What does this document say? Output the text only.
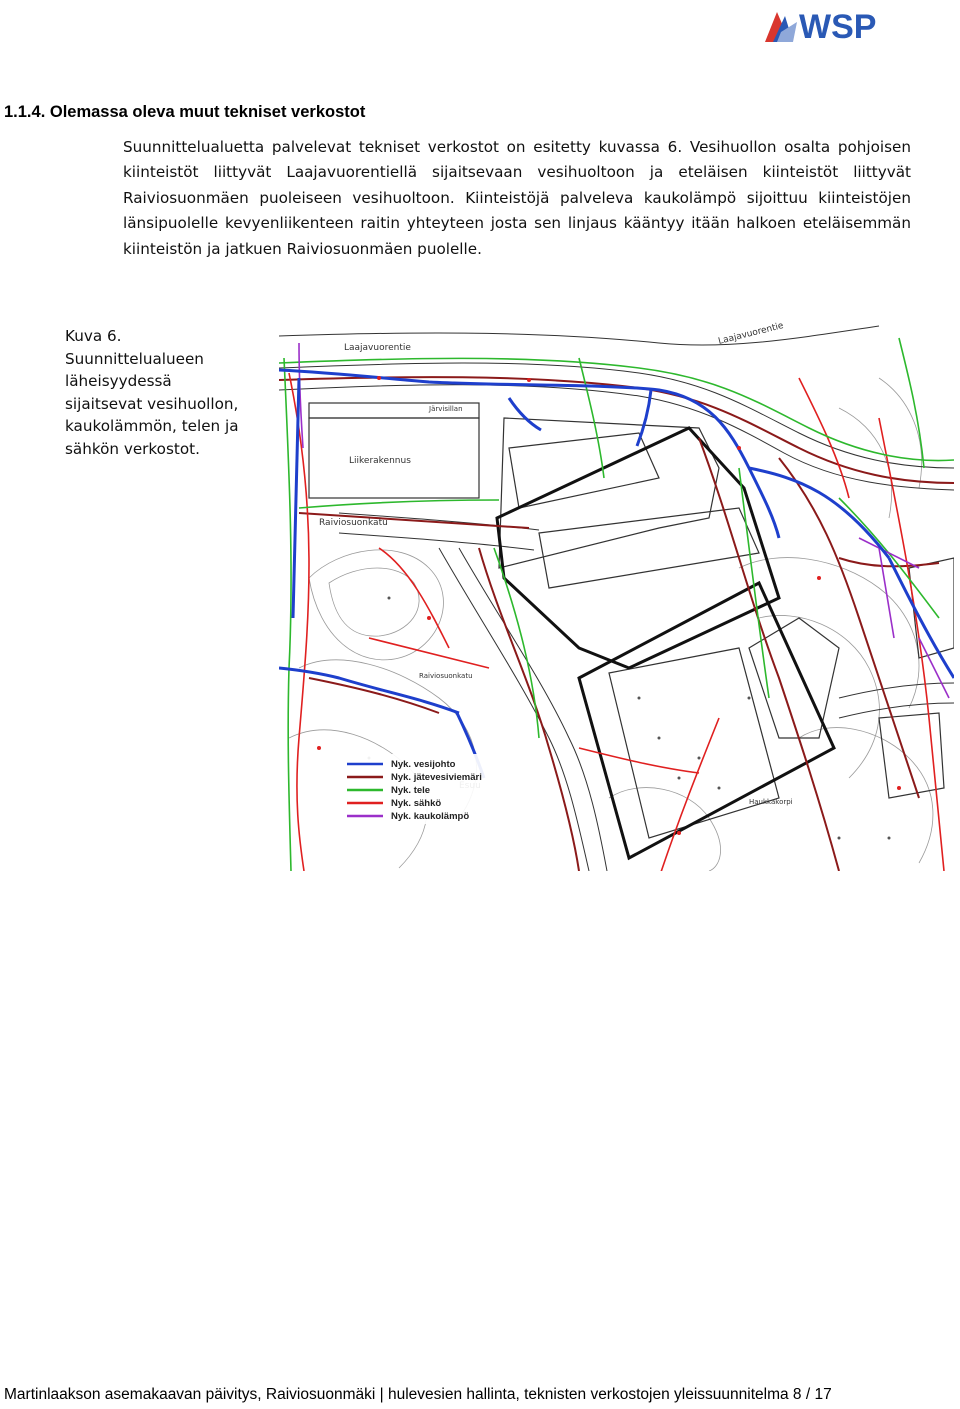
WSP
1.1.4. Olemassa oleva muut tekniset verkostot

Suunnittelualuetta palvelevat tekniset verkostot on esitetty kuvassa 6. Vesihuollon osalta pohjoisen kiinteistöt liittyvät Laajavuorentiellä sijaitsevaan vesihuoltoon ja eteläisen kiinteistöt liittyvät Raiviosuonmäen puoleiseen vesihuoltoon. Kiinteistöjä palveleva kaukolämpö sijoittuu kiinteistöjen länsipuolelle kevyenliikenteen raitin yhteyteen josta sen linjaus kääntyy itään halkoen eteläisemmän kiinteistön ja jatkuen Raiviosuonmäen puolelle.

Kuva 6.
Suunnittelualueen
läheisyydessä
sijaitsevat vesihuollon,
kaukolämmön, telen ja
sähkön verkostot.
Laajavuorentie
Laajavuorentie
Raiviosuonkatu
Liikerakennus
Järvisillan
Raiviosuonkatu
Haukkakorpi
Nyk. vesijohto
Nyk. jätevesiviemäri
Nyk. tele
Nyk. sähkö
Nyk. kaukolämpö
Martinlaakson asemakaavan päivitys, Raiviosuonmäki | hulevesien hallinta, teknisten verkostojen yleissuunnitelma 8 / 17
